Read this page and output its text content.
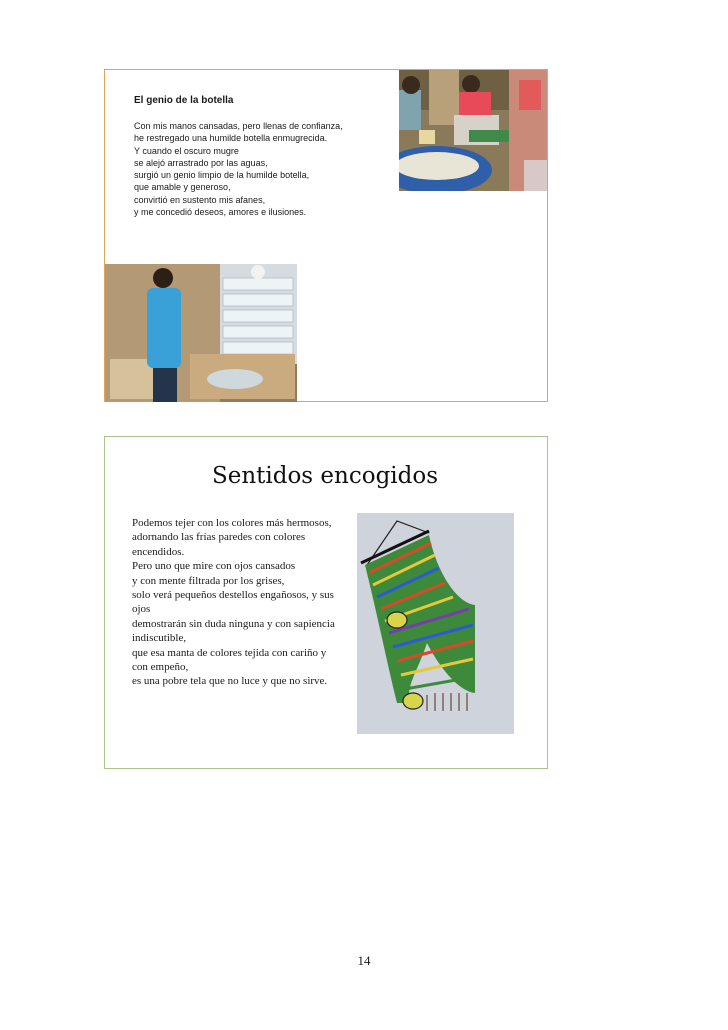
El genio de la botella
Con mis manos cansadas, pero llenas de confianza,
he restregado una humilde botella enmugrecida.
Y cuando el oscuro mugre
se alejó arrastrado por las aguas,
surgió un genio limpio de la humilde botella,
que amable y generoso,
convirtió en sustento mis afanes,
y me concedió deseos, amores e ilusiones.
Sentidos encogidos
Podemos tejer con los colores más hermosos,
adornando las frías paredes con colores encendidos.
Pero uno que mire con ojos cansados
y con mente filtrada por los grises,
solo verá pequeños destellos engañosos, y sus ojos
demostrarán sin duda ninguna y con sapiencia indiscutible,
que esa manta de colores tejida con cariño y con empeño,
es una pobre tela que no luce y que no sirve.
14
